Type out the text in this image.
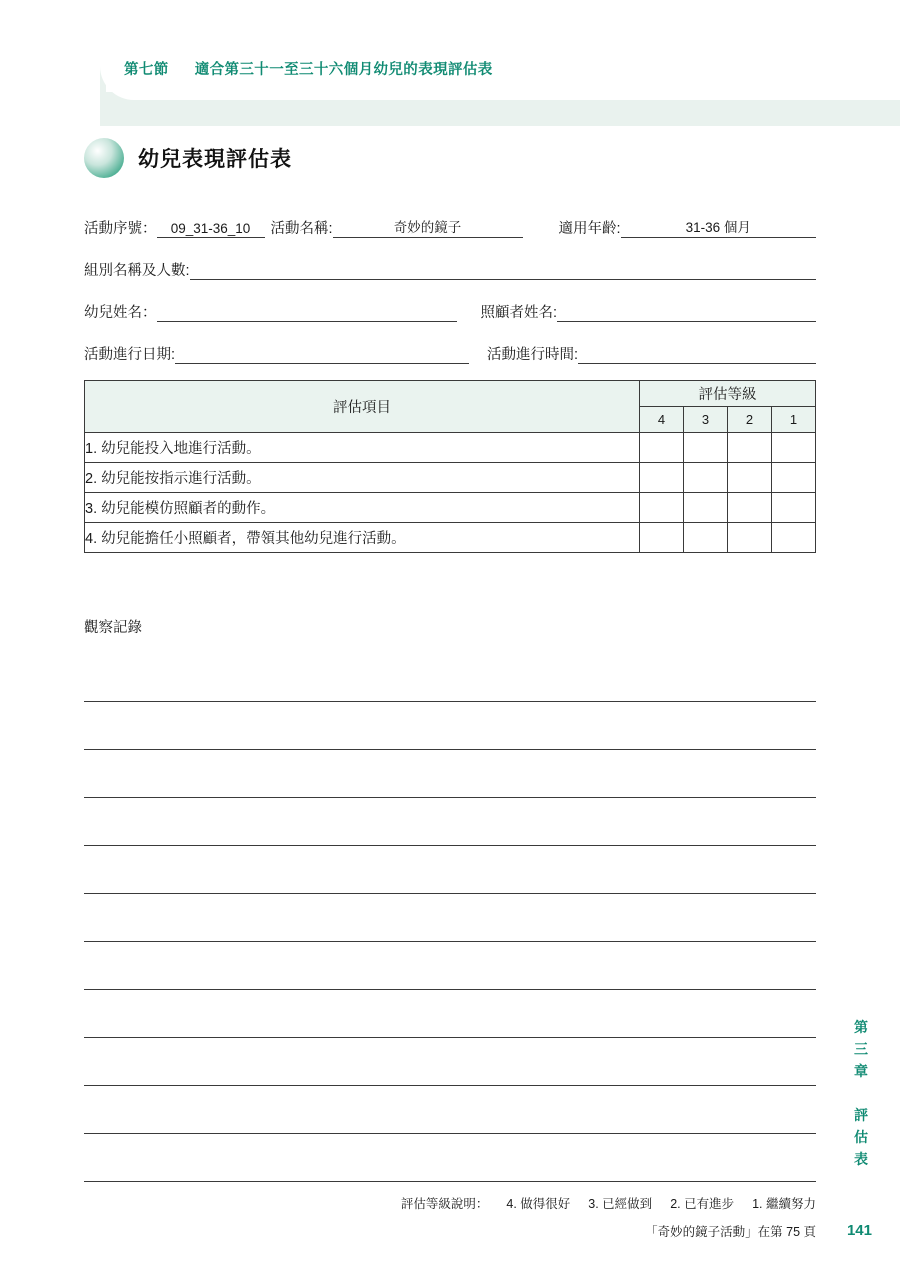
第七節 適合第三十一至三十六個月幼兒的表現評估表
幼兒表現評估表
活動序號：	09_31-36_10	活動名稱:	奇妙的鏡子	適用年齡:	31-36 個月
組別名稱及人數:
幼兒姓名：	照顧者姓名:
活動進行日期:	活動進行時間:
評估項目	評估等級			
	4	3	2	1
1. 幼兒能投入地進行活動。				
2. 幼兒能按指示進行活動。				
3. 幼兒能模仿照顧者的動作。				
4. 幼兒能擔任小照顧者，帶領其他幼兒進行活動。				
觀察記錄
第
三
章

評
估
表
評估等級說明： 4. 做得很好 3. 已經做到 2. 已有進步 1. 繼續努力
「奇妙的鏡子活動」在第 75 頁 141
